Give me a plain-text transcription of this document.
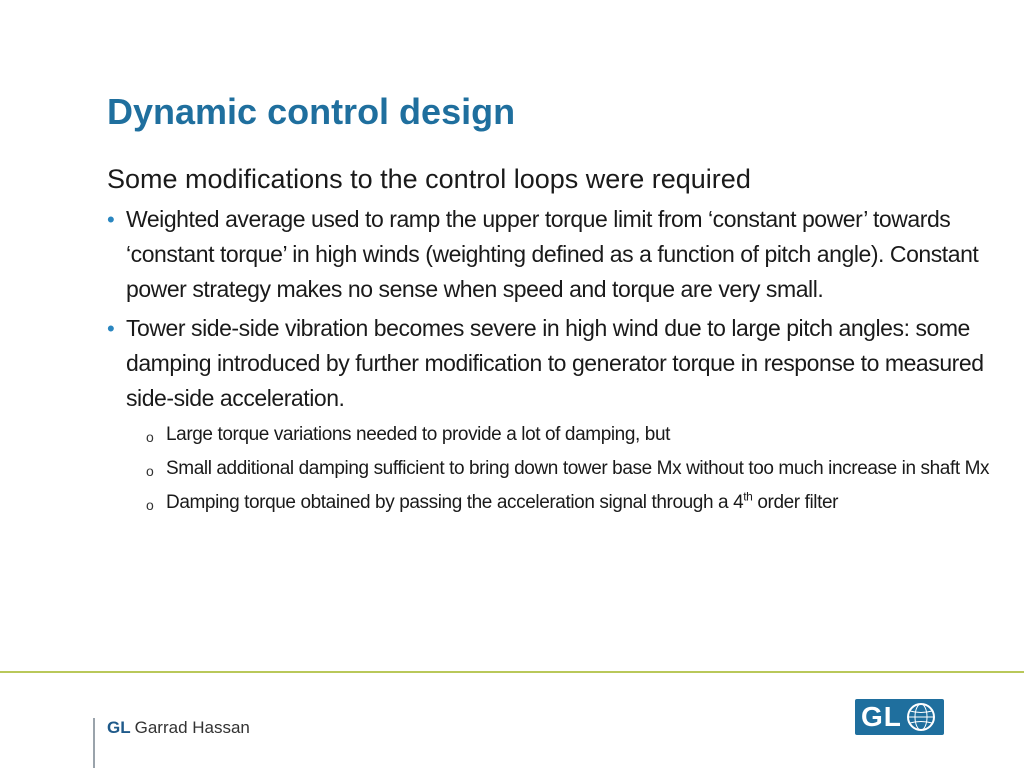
Dynamic control design

Some modifications to the control loops were required

• Weighted average used to ramp the upper torque limit from ‘constant power’ towards ‘constant torque’ in high winds (weighting defined as a function of pitch angle). Constant power strategy makes no sense when speed and torque are very small.
• Tower side-side vibration becomes severe in high wind due to large pitch angles: some damping introduced by further modification to generator torque in response to measured side-side acceleration.
o Large torque variations needed to provide a lot of damping, but
o Small additional damping sufficient to bring down tower base Mx without too much increase in shaft Mx
o Damping torque obtained by passing the acceleration signal through a 4th order filter
GL Garrad Hassan	GL
